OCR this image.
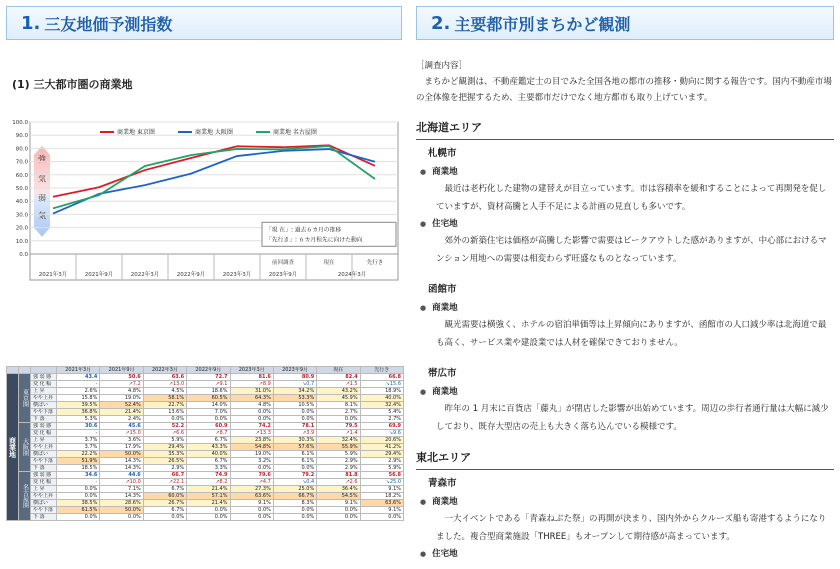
1. 三友地価予測指数	2. 主要都市別まちかど観測
(1) 三大都市圏の商業地
強
気
弱
気
0.0
10.0
20.0
30.0
40.0
50.0
60.0
70.0
80.0
90.0
100.0
前回調査	現在	先行き
2021年3月	2021年9月	2022年3月	2022年9月	2023年3月	2023年9月	2024年3月
商業地 東京圏	商業地 大阪圏	商業地 名古屋圏
「現 在」: 過去６カ月の推移
「先行き」: ６カ月程先に向けた動向
			2021年3月	2021年9月	2022年3月	2022年9月	2023年3月	2023年9月	現在	先行き
商業地	東京圏	強 弱 感	43.4	50.6	63.6	72.7	81.6	80.9	82.4	66.8
		変 化 幅	-	↗7.2	↗13.0	↗9.1	↗8.9	↘0.7	↗1.5	↘15.6
		上 昇	2.6%	4.8%	4.5%	18.6%	31.0%	34.2%	43.2%	18.9%
		やや上昇	15.8%	19.0%	58.1%	60.5%	64.3%	53.3%	45.9%	40.0%
		横ばい	39.5%	52.4%	22.7%	14.0%	4.8%	10.5%	8.1%	32.4%
		やや下落	36.8%	21.4%	13.6%	7.0%	0.0%	0.0%	2.7%	5.4%
		下 落	5.3%	2.4%	0.0%	0.0%	0.0%	0.0%	0.0%	2.7%
	大阪圏	強 弱 感	30.6	45.6	52.2	60.9	74.2	78.1	79.5	69.9
		変 化 幅	-	↗15.0	↗6.6	↗8.7	↗13.3	↗3.9	↗1.4	↘9.6
		上 昇	3.7%	3.6%	5.9%	6.7%	23.8%	30.3%	32.4%	20.6%
		やや上昇	3.7%	17.9%	29.4%	43.3%	54.8%	57.6%	55.9%	41.2%
		横ばい	22.2%	50.0%	35.3%	40.0%	19.0%	6.1%	5.9%	29.4%
		やや下落	51.9%	14.3%	26.5%	6.7%	3.2%	6.1%	2.9%	2.9%
		下 落	18.5%	14.3%	2.9%	3.3%	0.0%	0.0%	2.9%	5.9%
	名古屋圏	強 弱 感	34.6	44.6	66.7	74.9	79.6	79.2	81.8	56.8
		変 化 幅	-	↗10.0	↗22.1	↗8.2	↗4.7	↘0.4	↗2.6	↘25.0
		上 昇	0.0%	7.1%	6.7%	21.4%	27.3%	25.0%	36.4%	9.1%
		やや上昇	0.0%	14.3%	60.0%	57.1%	63.6%	66.7%	54.5%	18.2%
		横ばい	38.5%	28.6%	26.7%	21.4%	9.1%	8.3%	9.1%	63.6%
		やや下落	61.5%	50.0%	6.7%	0.0%	0.0%	0.0%	0.0%	9.1%
		下 落	0.0%	0.0%	0.0%	0.0%	0.0%	0.0%	0.0%	0.0%
［調査内容］
まちかど観測は、不動産鑑定士の目でみた全国各地の都市の推移・動向に関する報告です。国内不動産市場の全体像を把握するため、主要都市だけでなく地方都市も取り上げています。
北海道エリア
札幌市
● 商業地
最近は老朽化した建物の建替えが目立っています。市は容積率を緩和することによって再開発を促していますが、資材高騰と人手不足による計画の見直しも多いです。
● 住宅地
郊外の新築住宅は価格が高騰した影響で需要はピークアウトした感がありますが、中心部におけるマンション用地への需要は相変わらず旺盛なものとなっています。
函館市
● 商業地
観光需要は横強く、ホテルの宿泊単価等は上昇傾向にありますが、函館市の人口減少率は北海道で最も高く、サービス業や建設業では人材を確保できておりません。
帯広市
● 商業地
昨年の 1 月末に百貨店「藤丸」が閉店した影響が出始めています。周辺の歩行者通行量は大幅に減少しており、既存大型店の売上も大きく落ち込んでいる模様です。
東北エリア
青森市
● 商業地
一大イベントである「青森ねぶた祭」の再開が決まり、国内外からクルーズ船も寄港するようになりました。複合型商業施設「THREE」もオープンして期待感が高まっています。
● 住宅地
